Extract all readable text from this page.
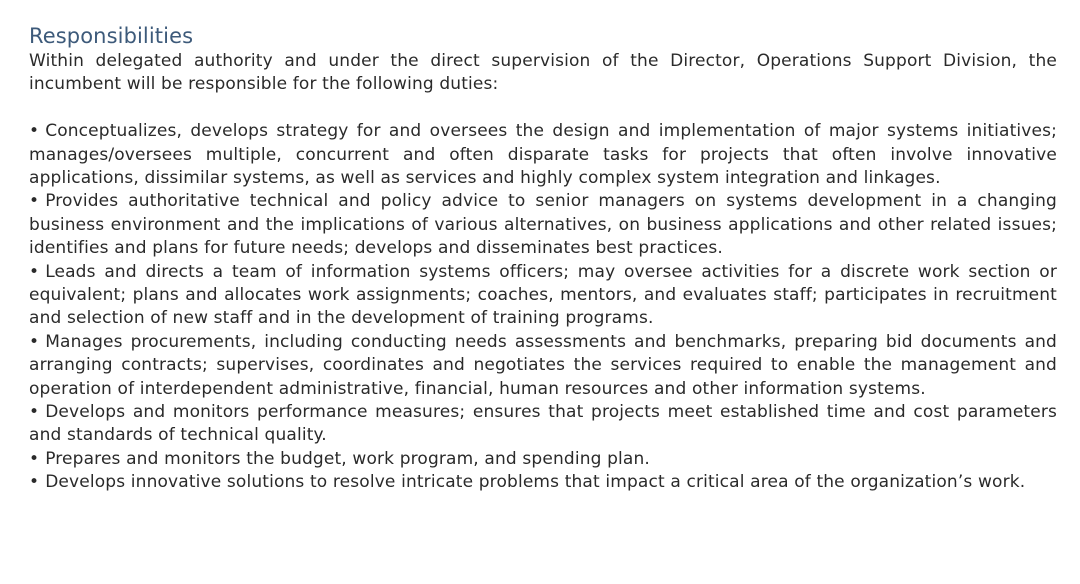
Responsibilities

Within delegated authority and under the direct supervision of the Director, Operations Support Division, the incumbent will be responsible for the following duties:

• Conceptualizes, develops strategy for and oversees the design and implementation of major systems initiatives; manages/oversees multiple, concurrent and often disparate tasks for projects that often involve innovative applications, dissimilar systems, as well as services and highly complex system integration and linkages.

• Provides authoritative technical and policy advice to senior managers on systems development in a changing business environment and the implications of various alternatives, on business applications and other related issues; identifies and plans for future needs; develops and disseminates best practices.

• Leads and directs a team of information systems officers; may oversee activities for a discrete work section or equivalent; plans and allocates work assignments; coaches, mentors, and evaluates staff; participates in recruitment and selection of new staff and in the development of training programs.

• Manages procurements, including conducting needs assessments and benchmarks, preparing bid documents and arranging contracts; supervises, coordinates and negotiates the services required to enable the management and operation of interdependent administrative, financial, human resources and other information systems.

• Develops and monitors performance measures; ensures that projects meet established time and cost parameters and standards of technical quality.

• Prepares and monitors the budget, work program, and spending plan.

• Develops innovative solutions to resolve intricate problems that impact a critical area of the organization’s work.
